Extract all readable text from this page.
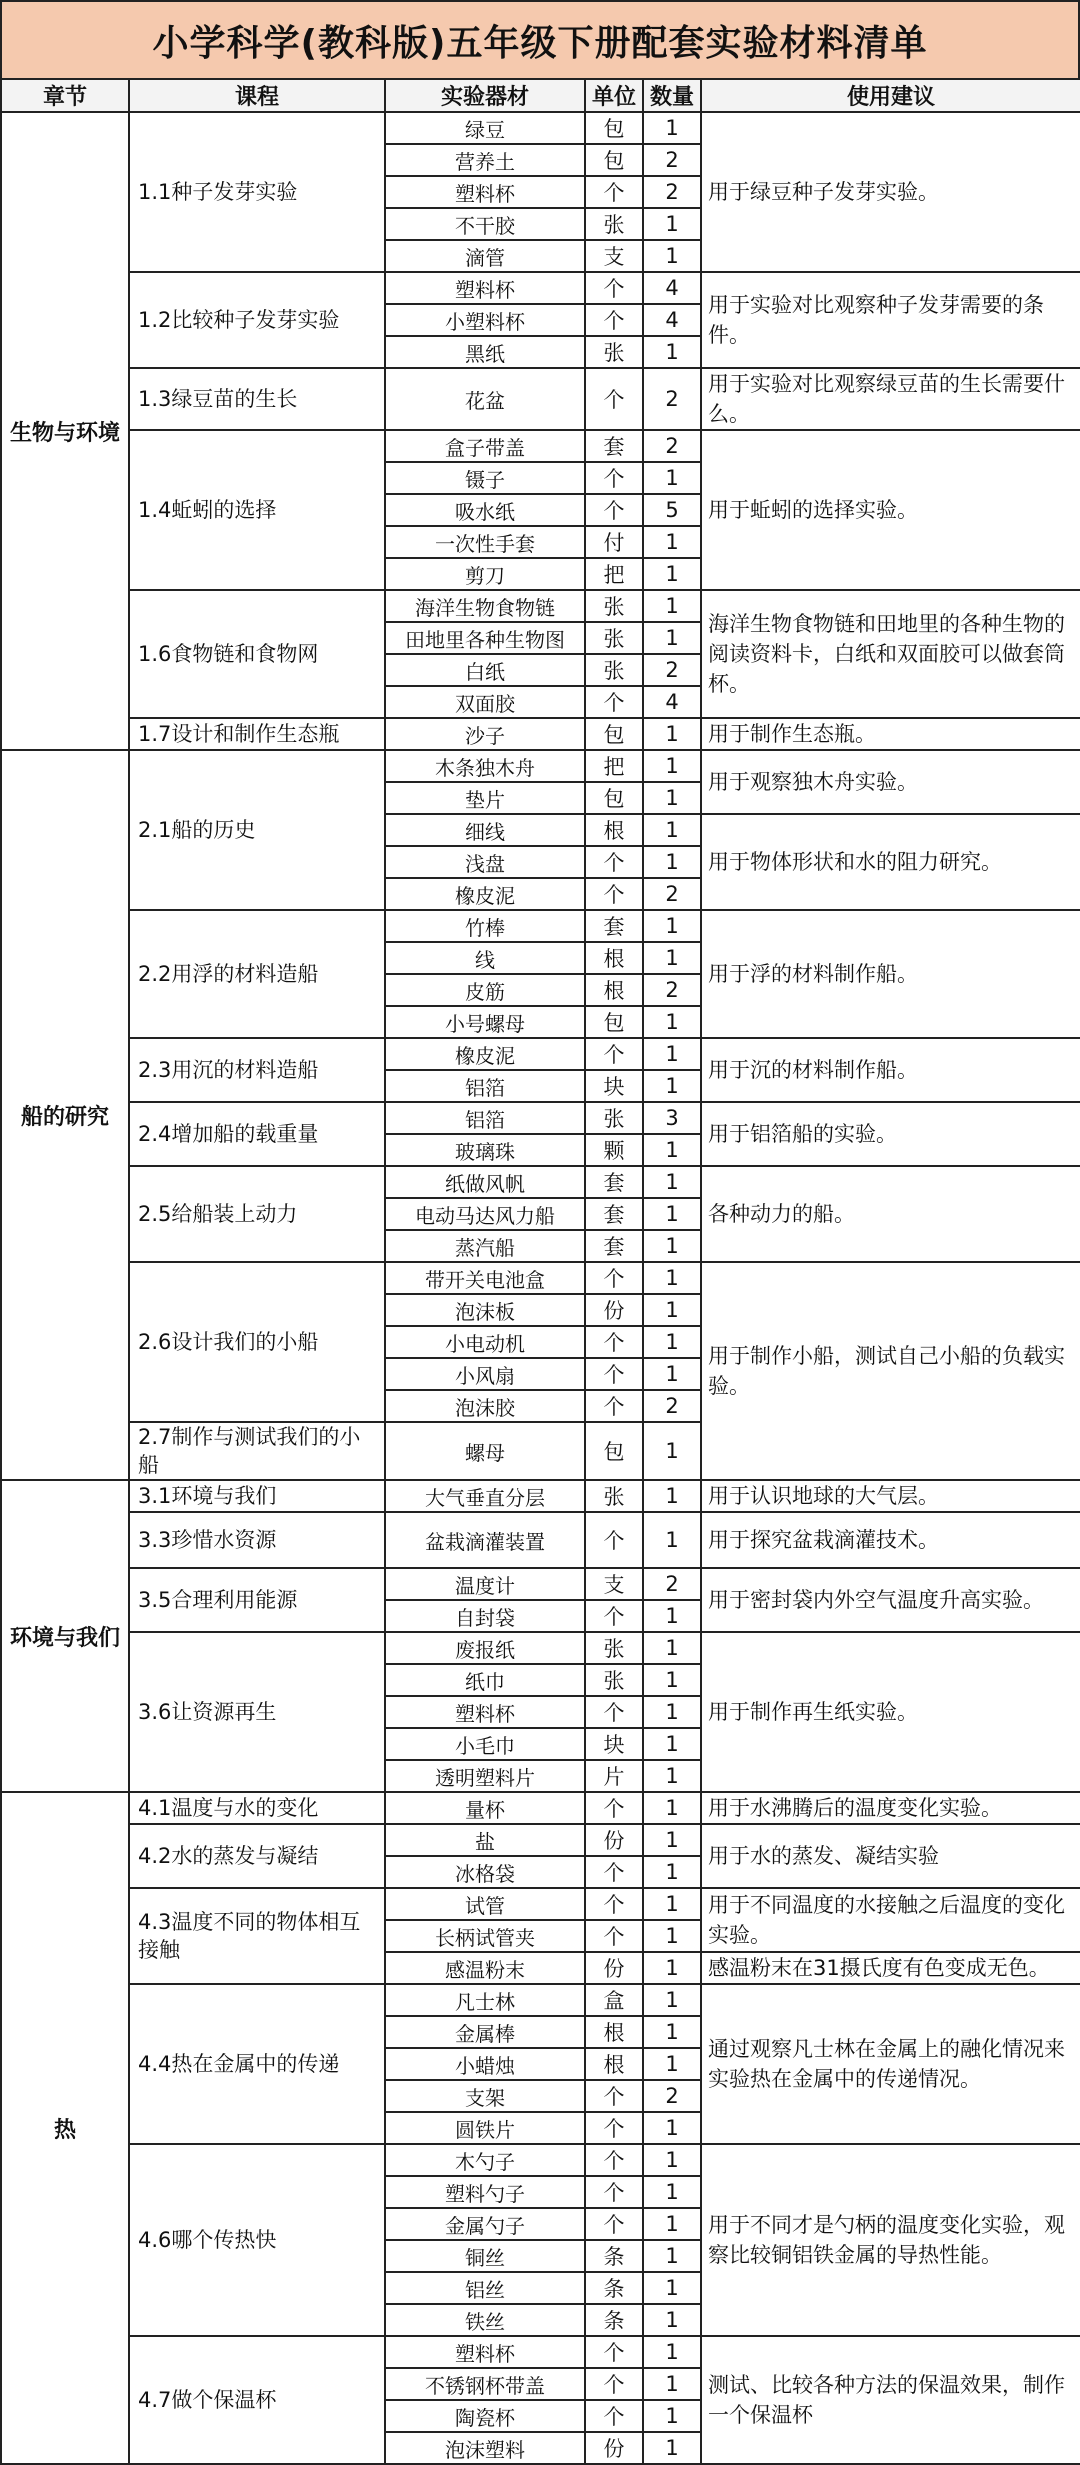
小学科学(教科版)五年级下册配套实验材料清单
章节	课程	实验器材	单位	数量	使用建议	
生物与环境	1.1种子发芽实验	绿豆	包	1	用于绿豆种子发芽实验。	
		营养土	包	2		
		塑料杯	个	2		
		不干胶	张	1		
		滴管	支	1		
	1.2比较种子发芽实验	塑料杯	个	4	用于实验对比观察种子发芽需要的条件。	
		小塑料杯	个	4		
		黑纸	张	1		
	1.3绿豆苗的生长	花盆	个	2	用于实验对比观察绿豆苗的生长需要什么。	
	1.4蚯蚓的选择	盒子带盖	套	2	用于蚯蚓的选择实验。	
		镊子	个	1		
		吸水纸	个	5		
		一次性手套	付	1		
		剪刀	把	1		
	1.6食物链和食物网	海洋生物食物链	张	1	海洋生物食物链和田地里的各种生物的阅读资料卡，白纸和双面胶可以做套筒杯。	
		田地里各种生物图	张	1		
		白纸	张	2		
		双面胶	个	4		
	1.7设计和制作生态瓶	沙子	包	1	用于制作生态瓶。	
船的研究	2.1船的历史	木条独木舟	把	1	用于观察独木舟实验。	
		垫片	包	1		
		细线	根	1	用于物体形状和水的阻力研究。	
		浅盘	个	1		
		橡皮泥	个	2		
	2.2用浮的材料造船	竹棒	套	1	用于浮的材料制作船。	
		线	根	1		
		皮筋	根	2		
		小号螺母	包	1		
	2.3用沉的材料造船	橡皮泥	个	1	用于沉的材料制作船。	
		铝箔	块	1		
	2.4增加船的载重量	铝箔	张	3	用于铝箔船的实验。	
		玻璃珠	颗	1		
	2.5给船装上动力	纸做风帆	套	1	各种动力的船。	
		电动马达风力船	套	1		
		蒸汽船	套	1		
	2.6设计我们的小船	带开关电池盒	个	1	用于制作小船，测试自己小船的负载实验。	
		泡沫板	份	1		
		小电动机	个	1		
		小风扇	个	1		
		泡沫胶	个	2		
	2.7制作与测试我们的小船	螺母	包	1		
环境与我们	3.1环境与我们	大气垂直分层	张	1	用于认识地球的大气层。	
	3.3珍惜水资源	盆栽滴灌装置	个	1	用于探究盆栽滴灌技术。	
	3.5合理利用能源	温度计	支	2	用于密封袋内外空气温度升高实验。	
		自封袋	个	1		
	3.6让资源再生	废报纸	张	1	用于制作再生纸实验。	
		纸巾	张	1		
		塑料杯	个	1		
		小毛巾	块	1		
		透明塑料片	片	1		
热	4.1温度与水的变化	量杯	个	1	用于水沸腾后的温度变化实验。	
	4.2水的蒸发与凝结	盐	份	1	用于水的蒸发、凝结实验	
		冰格袋	个	1		
	4.3温度不同的物体相互接触	试管	个	1	用于不同温度的水接触之后温度的变化实验。	
		长柄试管夹	个	1		
		感温粉末	份	1	感温粉末在31摄氏度有色变成无色。	
	4.4热在金属中的传递	凡士林	盒	1	通过观察凡士林在金属上的融化情况来实验热在金属中的传递情况。	
		金属棒	根	1		
		小蜡烛	根	1		
		支架	个	2		
		圆铁片	个	1		
	4.6哪个传热快	木勺子	个	1	用于不同才是勺柄的温度变化实验，观察比较铜铝铁金属的导热性能。	
		塑料勺子	个	1		
		金属勺子	个	1		
		铜丝	条	1		
		铝丝	条	1		
		铁丝	条	1		
	4.7做个保温杯	塑料杯	个	1	测试、比较各种方法的保温效果，制作一个保温杯	
		不锈钢杯带盖	个	1		
		陶瓷杯	个	1		
		泡沫塑料	份	1		
